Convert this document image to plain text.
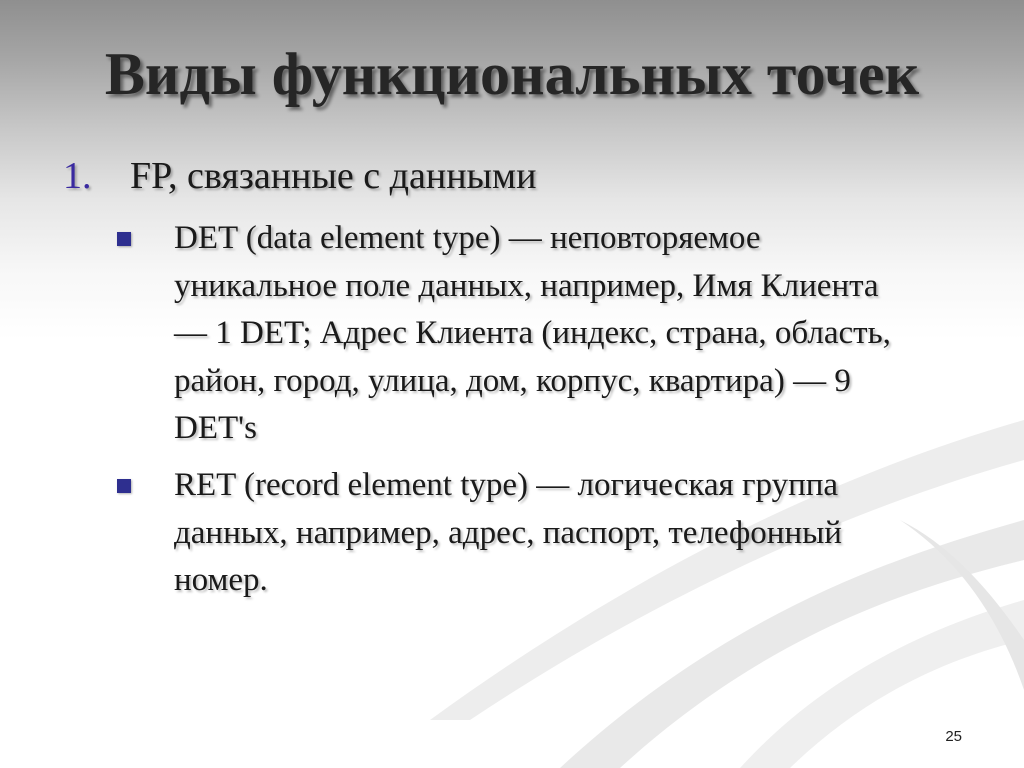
Виды функциональных точек
1. FP, связанные с данными
DET (data element type) — неповторяемое уникальное поле данных, например, Имя Клиента — 1 DET; Адрес Клиента (индекс, страна, область, район, город, улица, дом, корпус, квартира) — 9 DET's
RET (record element type) — логическая группа данных, например, адрес, паспорт, телефонный номер.
25
